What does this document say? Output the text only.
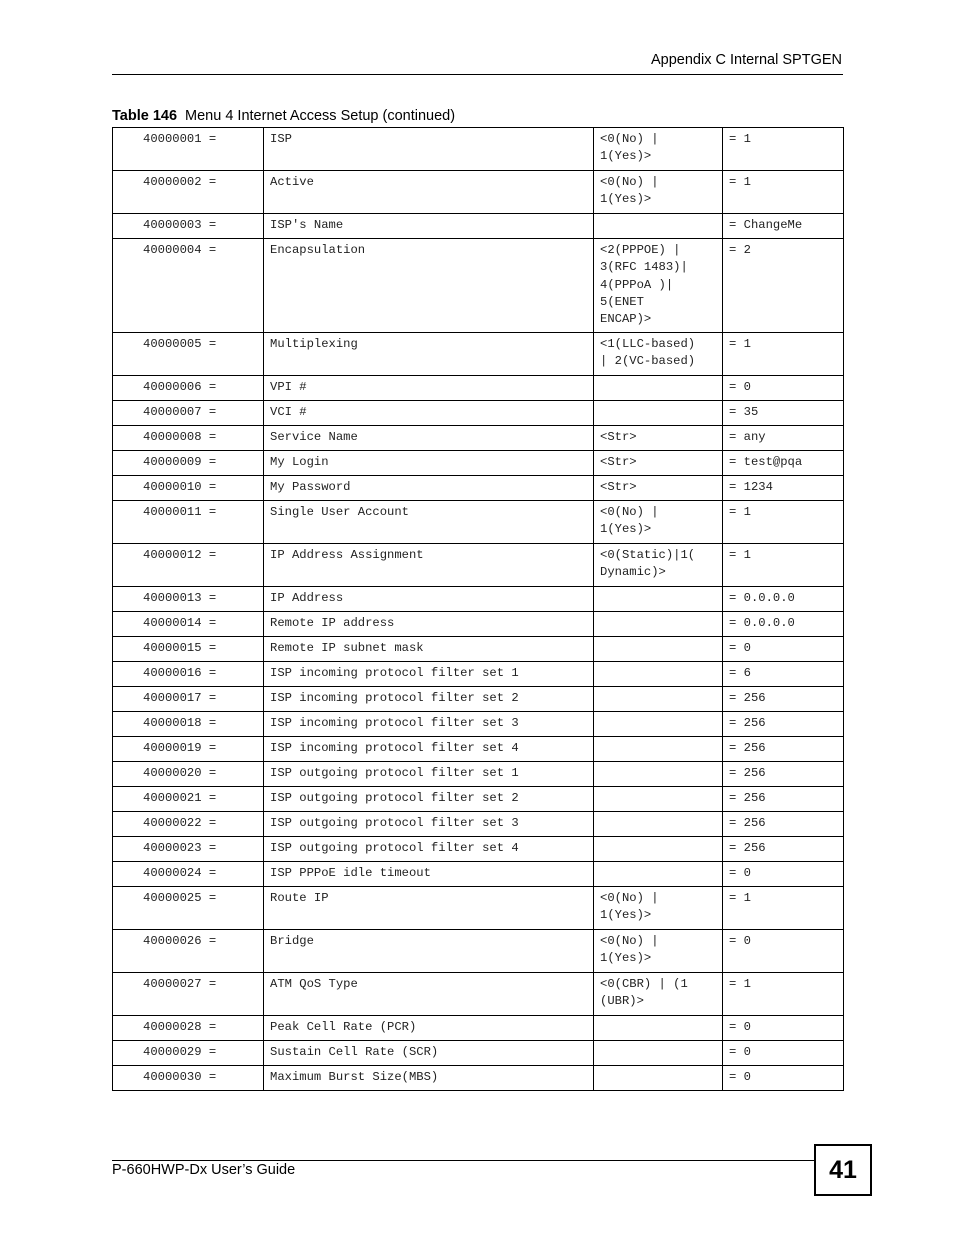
Appendix C Internal SPTGEN
Table 146 Menu 4 Internet Access Setup (continued)
40000001 =	ISP	<0(No) |
1(Yes)>	= 1
40000002 =	Active	<0(No) |
1(Yes)>	= 1
40000003 =	ISP's Name		= ChangeMe
40000004 =	Encapsulation	<2(PPPOE) |
3(RFC 1483)|
4(PPPoA )|
5(ENET
ENCAP)>	= 2
40000005 =	Multiplexing	<1(LLC-based)
| 2(VC-based)	= 1
40000006 =	VPI #		= 0
40000007 =	VCI #		= 35
40000008 =	Service Name	<Str>	= any
40000009 =	My Login	<Str>	= test@pqa
40000010 =	My Password	<Str>	= 1234
40000011 =	Single User Account	<0(No) |
1(Yes)>	= 1
40000012 =	IP Address Assignment	<0(Static)|1(
Dynamic)>	= 1
40000013 =	IP Address		= 0.0.0.0
40000014 =	Remote IP address		= 0.0.0.0
40000015 =	Remote IP subnet mask		= 0
40000016 =	ISP incoming protocol filter set 1		= 6
40000017 =	ISP incoming protocol filter set 2		= 256
40000018 =	ISP incoming protocol filter set 3		= 256
40000019 =	ISP incoming protocol filter set 4		= 256
40000020 =	ISP outgoing protocol filter set 1		= 256
40000021 =	ISP outgoing protocol filter set 2		= 256
40000022 =	ISP outgoing protocol filter set 3		= 256
40000023 =	ISP outgoing protocol filter set 4		= 256
40000024 =	ISP PPPoE idle timeout		= 0
40000025 =	Route IP	<0(No) |
1(Yes)>	= 1
40000026 =	Bridge	<0(No) |
1(Yes)>	= 0
40000027 =	ATM QoS Type	<0(CBR) | (1
(UBR)>	= 1
40000028 =	Peak Cell Rate (PCR)		= 0
40000029 =	Sustain Cell Rate (SCR)		= 0
40000030 =	Maximum Burst Size(MBS)		= 0
P-660HWP-Dx User’s Guide	41
